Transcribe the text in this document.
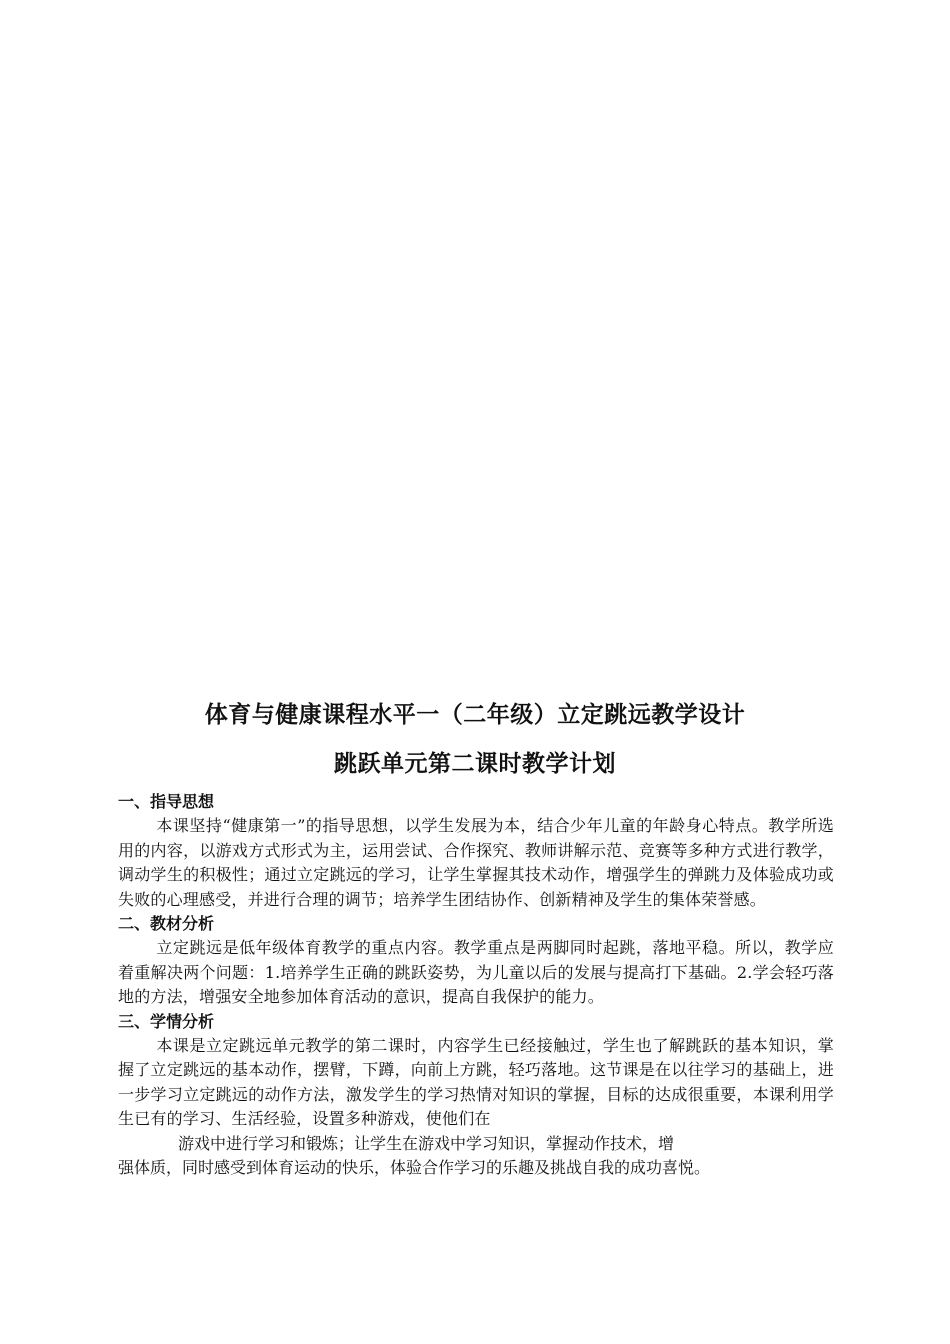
体育与健康课程水平一（二年级）立定跳远教学设计
跳跃单元第二课时教学计划
一、指导思想

本课坚持“健康第一”的指导思想，以学生发展为本，结合少年儿童的年龄身心特点。教学所选用的内容，以游戏方式形式为主，运用尝试、合作探究、教师讲解示范、竞赛等多种方式进行教学，调动学生的积极性；通过立定跳远的学习，让学生掌握其技术动作，增强学生的弹跳力及体验成功或失败的心理感受，并进行合理的调节；培养学生团结协作、创新精神及学生的集体荣誉感。

二、教材分析

立定跳远是低年级体育教学的重点内容。教学重点是两脚同时起跳，落地平稳。所以，教学应着重解决两个问题：1.培养学生正确的跳跃姿势，为儿童以后的发展与提高打下基础。2.学会轻巧落地的方法，增强安全地参加体育活动的意识，提高自我保护的能力。

三、学情分析

本课是立定跳远单元教学的第二课时，内容学生已经接触过，学生也了解跳跃的基本知识，掌握了立定跳远的基本动作，摆臂，下蹲，向前上方跳，轻巧落地。这节课是在以往学习的基础上，进一步学习立定跳远的动作方法，激发学生的学习热情对知识的掌握，目标的达成很重要，本课利用学生已有的学习、生活经验，设置多种游戏，使他们在

游戏中进行学习和锻炼；让学生在游戏中学习知识，掌握动作技术，增

强体质，同时感受到体育运动的快乐，体验合作学习的乐趣及挑战自我的成功喜悦。
